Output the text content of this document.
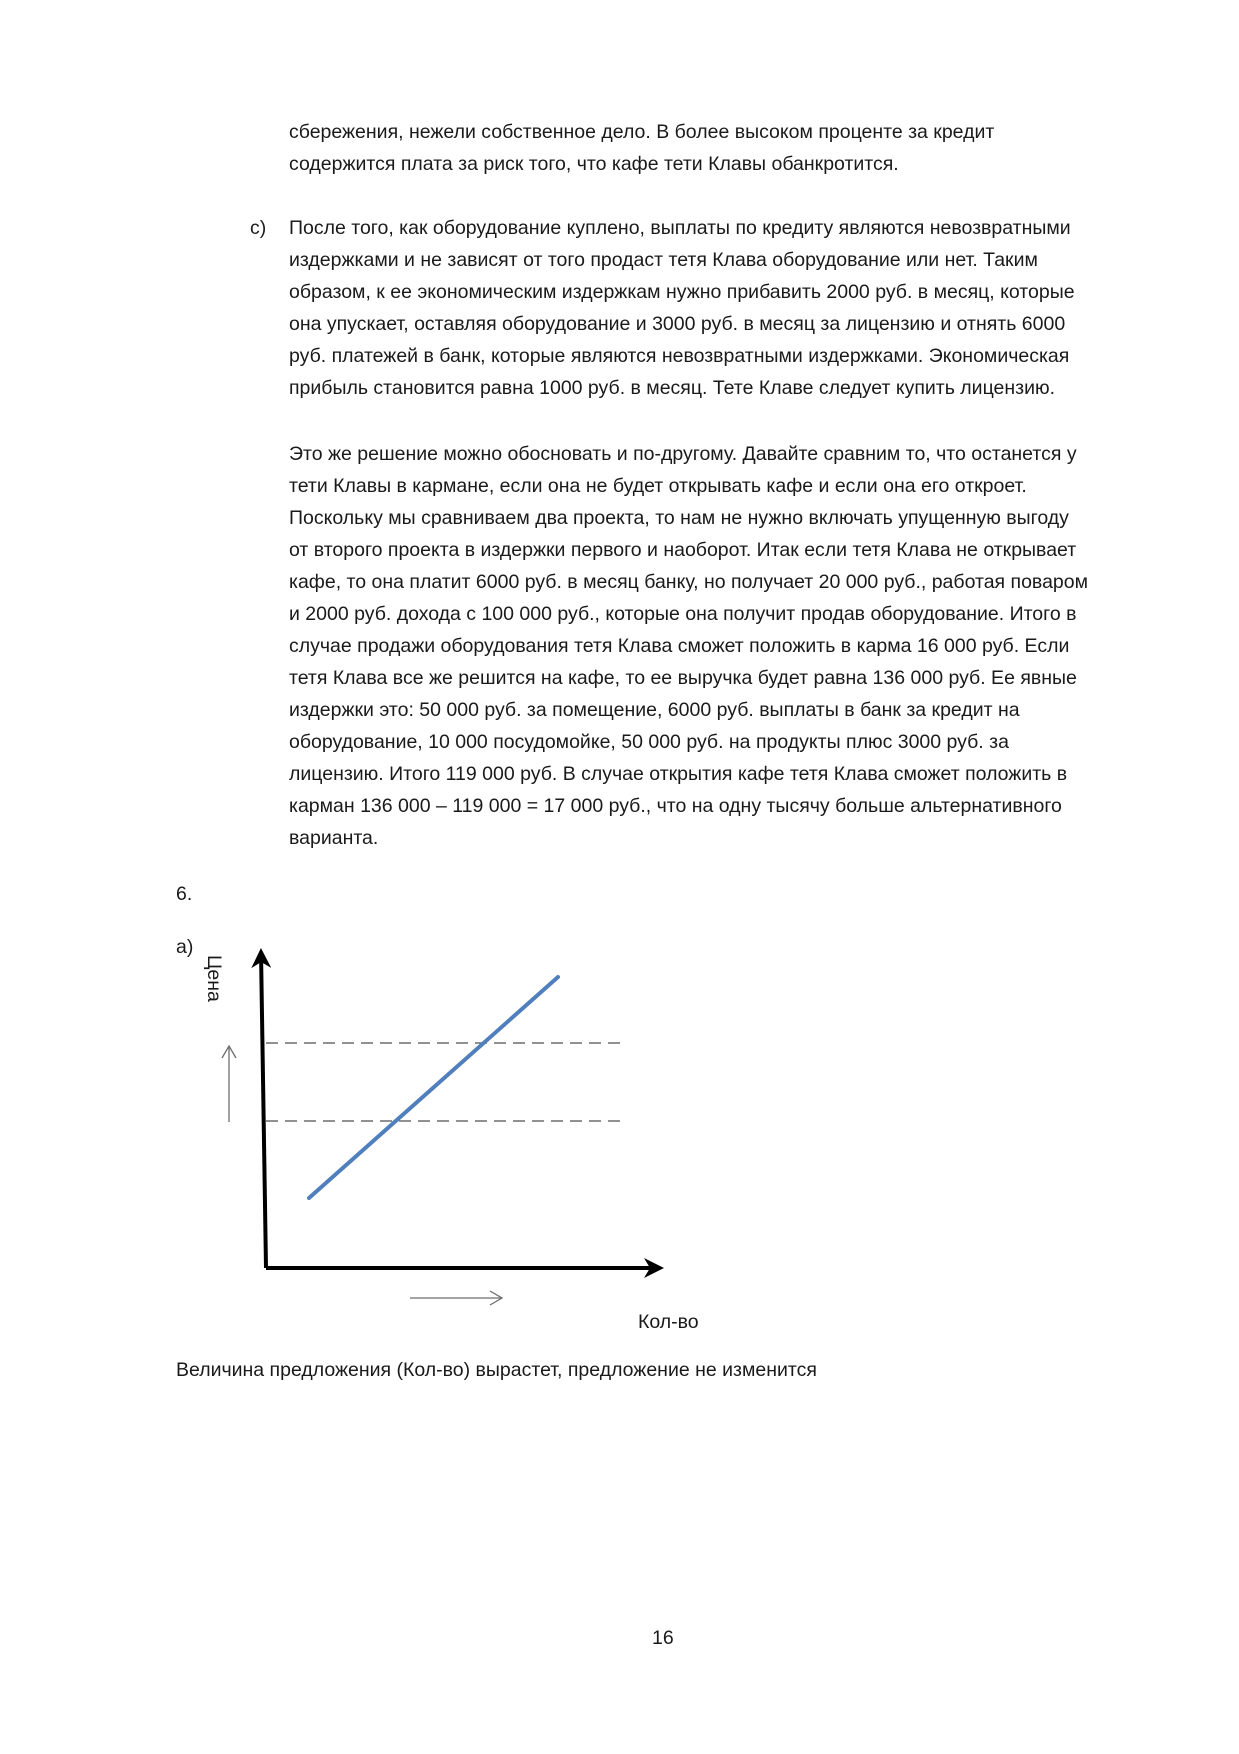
сбережения, нежели собственное дело. В более высоком проценте за кредит
содержится плата за риск того, что кафе тети Клавы обанкротится.
c) После того, как оборудование куплено, выплаты по кредиту являются невозвратными
издержками и не зависят от того продаст тетя Клава оборудование или нет. Таким
образом, к ее экономическим издержкам нужно прибавить 2000 руб. в месяц, которые
она упускает, оставляя оборудование и 3000 руб. в месяц за лицензию и отнять 6000
руб. платежей в банк, которые являются невозвратными издержками. Экономическая
прибыль становится равна 1000 руб. в месяц. Тете Клаве следует купить лицензию.
Это же решение можно обосновать и по-другому. Давайте сравним то, что останется у
тети Клавы в кармане, если она не будет открывать кафе и если она его откроет.
Поскольку мы сравниваем два проекта, то нам не нужно включать упущенную выгоду
от второго проекта в издержки первого и наоборот. Итак если тетя Клава не открывает
кафе, то она платит 6000 руб. в месяц банку, но получает 20 000 руб., работая поваром
и 2000 руб. дохода с 100 000 руб., которые она получит продав оборудование. Итого в
случае продажи оборудования тетя Клава сможет положить в карма 16 000 руб. Если
тетя Клава все же решится на кафе, то ее выручка будет равна 136 000 руб. Ее явные
издержки это: 50 000 руб. за помещение, 6000 руб. выплаты в банк за кредит на
оборудование, 10 000 посудомойке, 50 000 руб. на продукты плюс 3000 руб. за
лицензию. Итого 119 000 руб. В случае открытия кафе тетя Клава сможет положить в
карман 136 000 – 119 000 = 17 000 руб., что на одну тысячу больше альтернативного
варианта.
6.
а)
Цена
Кол-во
Величина предложения (Кол-во) вырастет, предложение не изменится
16
